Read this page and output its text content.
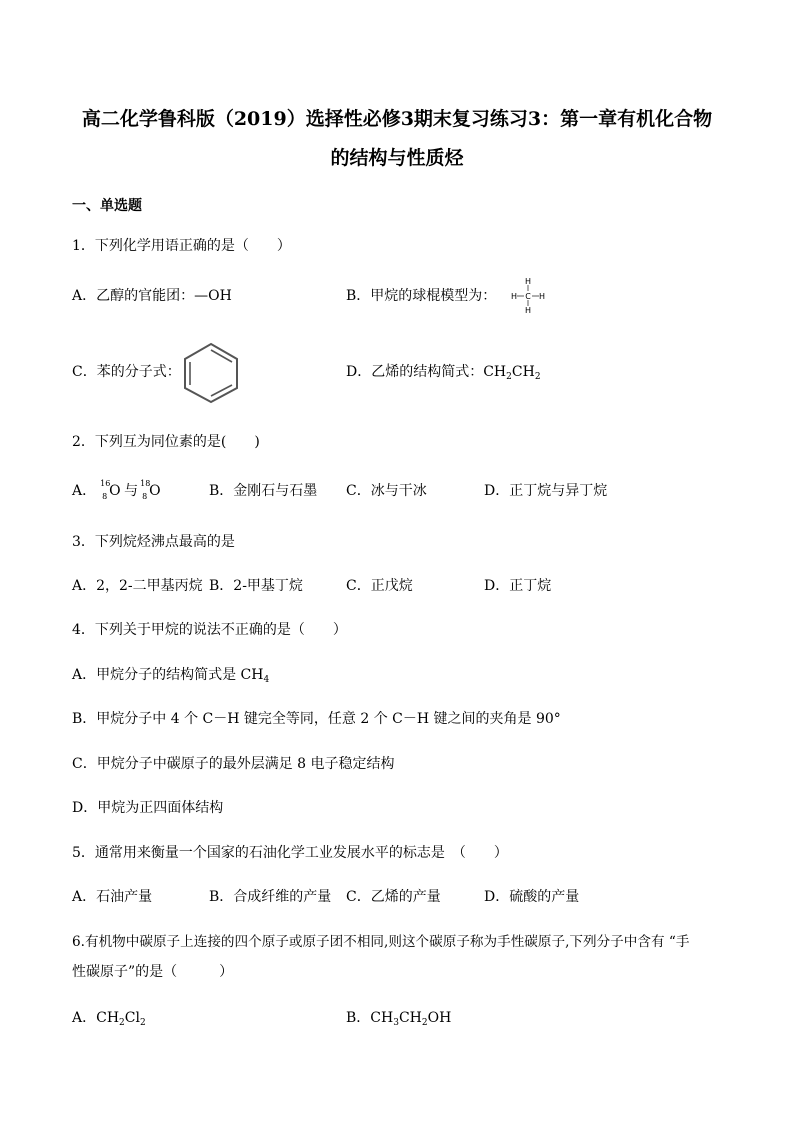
高二化学鲁科版（2019）选择性必修3期末复习练习3：第一章有机化合物
的结构与性质烃
一、单选题
1．下列化学用语正确的是（　　）
A．乙醇的官能团：—OH	B．甲烷的球棍模型为：
H
H C H
H
C．苯的分子式：	D．乙烯的结构简式：$CH_2CH_2$
2．下列互为同位素的是(　　)
A． 16
8 O 与 18
8 O	B．金刚石与石墨 C．冰与干冰	D．正丁烷与异丁烷
3．下列烷烃沸点最高的是
A．2，2-二甲基丙烷 B．2-甲基丁烷	C．正戊烷	D．正丁烷
4．下列关于甲烷的说法不正确的是（　　）
A．甲烷分子的结构简式是 $CH_4$
B．甲烷分子中 4 个 C－H 键完全等同，任意 2 个 C－H 键之间的夹角是 90°
C．甲烷分子中碳原子的最外层满足 8 电子稳定结构
D．甲烷为正四面体结构
5．通常用来衡量一个国家的石油化学工业发展水平的标志是　（　　）
A．石油产量	B．合成纤维的产量 C．乙烯的产量	D．硫酸的产量
6.有机物中碳原子上连接的四个原子或原子团不相同,则这个碳原子称为手性碳原子,下列分子中含有 “手
性碳原子”的是（　　　）
A．$CH_2Cl_2$	B．$CH_3CH_2OH$
